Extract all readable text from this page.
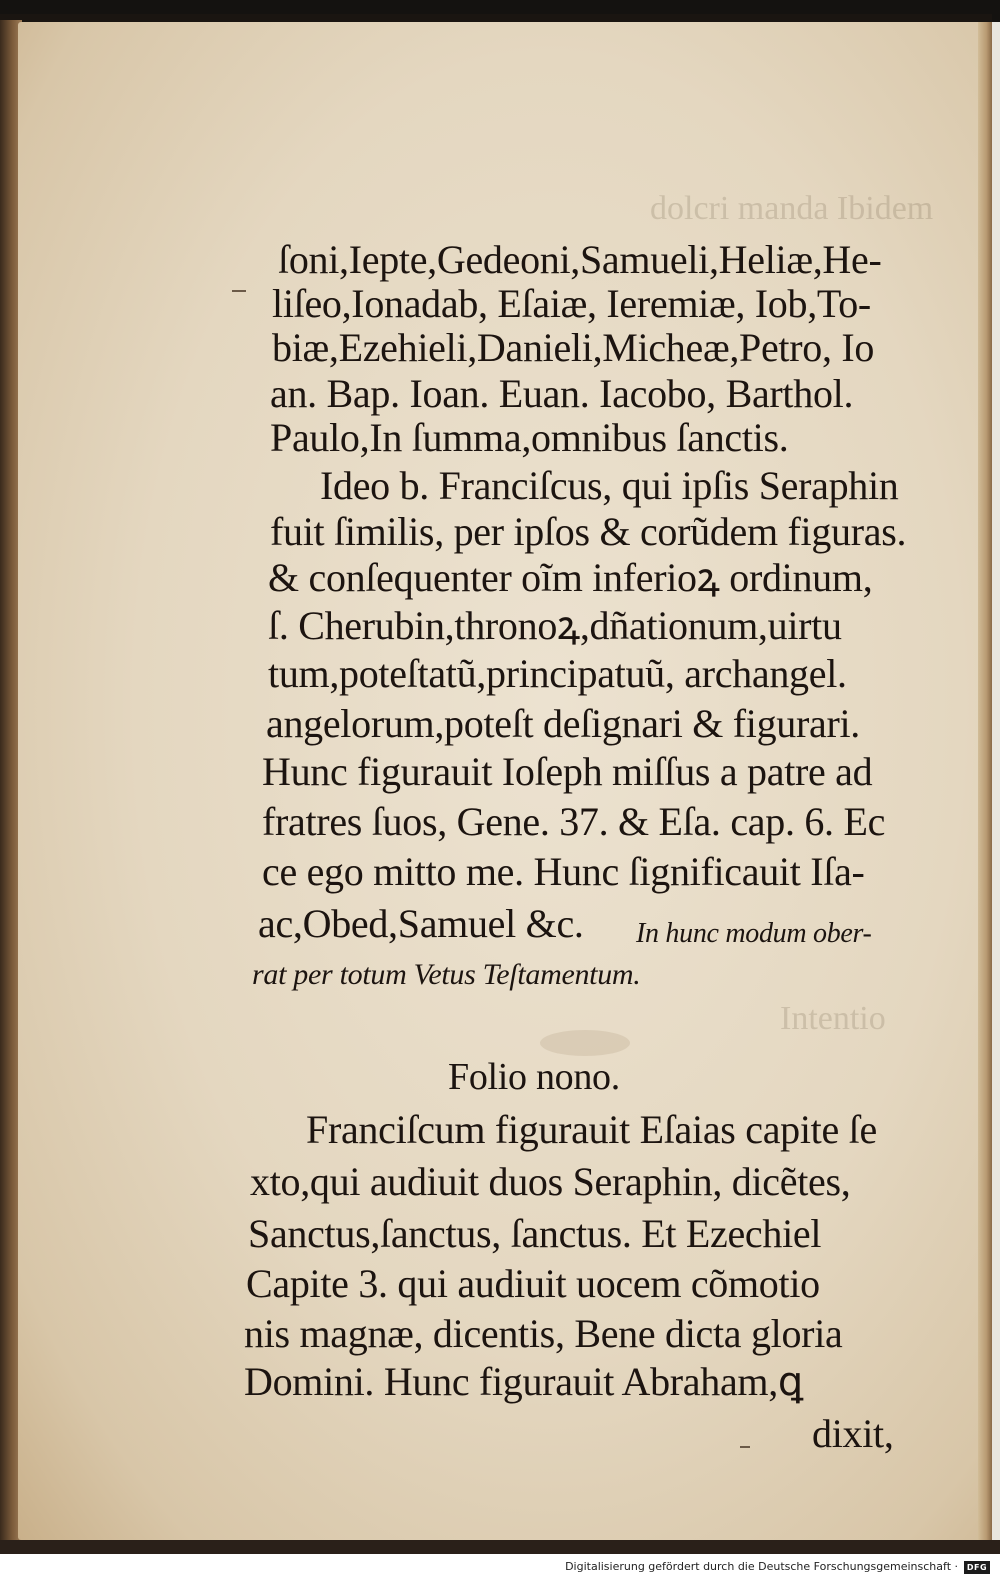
dolcri manda Ibidem
Intentio
ſoni,Iepte,Gedeoni,Samueli,Heliæ,He-
liſeo,Ionadab, Eſaiæ, Ieremiæ, Iob,To-
biæ,Ezehieli,Danieli,Micheæ,Petro, Io
an. Bap. Ioan. Euan. Iacobo, Barthol.
Paulo,In ſumma,omnibus ſanctis.
Ideo b. Franciſcus, qui ipſis Seraphin
fuit ſimilis, per ipſos & corũdem figuras.
& conſequenter oĩm inferioꝝ ordinum,
ſ. Cherubin,thronoꝝ,dñationum,uirtu
tum,poteſtatũ,principatuũ, archangel.
angelorum,poteſt deſignari & figurari.
Hunc figurauit Ioſeph miſſus a patre ad
fratres ſuos, Gene. 37. & Eſa. cap. 6. Ec
ce ego mitto me. Hunc ſignificauit Iſa-
ac,Obed,Samuel &c. In hunc modum ober-
rat per totum Vetus Teſtamentum.
Folio nono.
Franciſcum figurauit Eſaias capite ſe
xto,qui audiuit duos Seraphin, dicẽtes,
Sanctus,ſanctus, ſanctus. Et Ezechiel
Capite 3. qui audiuit uocem cõmotio
nis magnæ, dicentis, Bene dicta gloria
Domini. Hunc figurauit Abraham,ꝗ
dixit,
Digitalisierung gefördert durch die Deutsche Forschungsgemeinschaft ·	DFG
